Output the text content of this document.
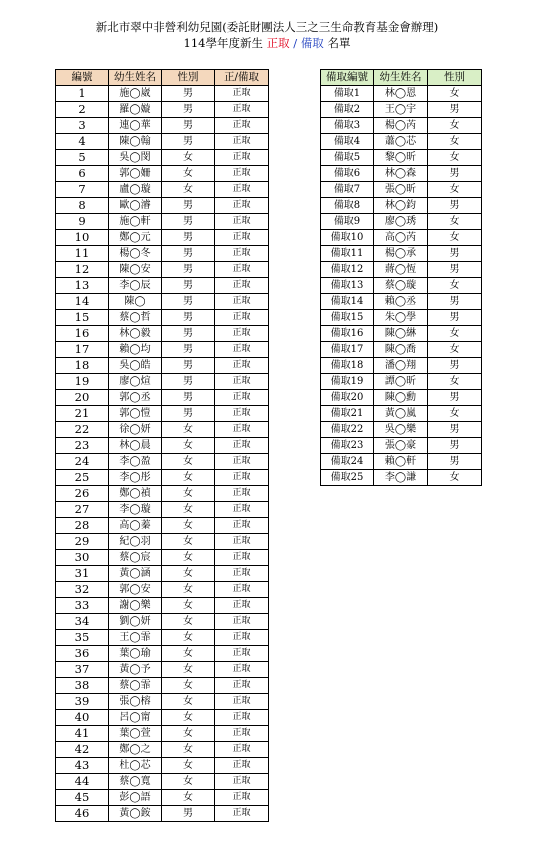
新北市翠中非營利幼兒園(委託財團法人三之三生命教育基金會辦理)
114學年度新生 正取 / 備取 名單
編號	幼生姓名	性別	正/備取
1	施◯崴	男	正取
2	羅◯嫙	男	正取
3	連◯華	男	正取
4	陳◯翰	男	正取
5	吳◯閔	女	正取
6	郭◯姍	女	正取
7	盧◯璇	女	正取
8	歐◯濬	男	正取
9	施◯軒	男	正取
10	鄭◯元	男	正取
11	楊◯冬	男	正取
12	陳◯安	男	正取
13	李◯辰	男	正取
14	陳◯	男	正取
15	蔡◯哲	男	正取
16	林◯毅	男	正取
17	賴◯均	男	正取
18	吳◯皓	男	正取
19	廖◯煊	男	正取
20	郭◯丞	男	正取
21	郭◯愷	男	正取
22	徐◯妍	女	正取
23	林◯晨	女	正取
24	李◯盈	女	正取
25	李◯彤	女	正取
26	鄭◯禎	女	正取
27	李◯璇	女	正取
28	高◯蓁	女	正取
29	紀◯羽	女	正取
30	蔡◯宸	女	正取
31	黃◯涵	女	正取
32	郭◯安	女	正取
33	謝◯樂	女	正取
34	劉◯妍	女	正取
35	王◯霏	女	正取
36	葉◯瑜	女	正取
37	黃◯予	女	正取
38	蔡◯霏	女	正取
39	張◯榕	女	正取
40	呂◯甯	女	正取
41	葉◯萱	女	正取
42	鄭◯之	女	正取
43	杜◯芯	女	正取
44	蔡◯寬	女	正取
45	彭◯語	女	正取
46	黃◯銨	男	正取
備取編號	幼生姓名	性別
備取1	林◯恩	女
備取2	王◯宇	男
備取3	楊◯芮	女
備取4	蕭◯芯	女
備取5	黎◯昕	女
備取6	林◯森	男
備取7	張◯昕	女
備取8	林◯鈞	男
備取9	廖◯琇	女
備取10	高◯芮	女
備取11	楊◯承	男
備取12	蔣◯恆	男
備取13	蔡◯璇	女
備取14	賴◯丞	男
備取15	朱◯學	男
備取16	陳◯綝	女
備取17	陳◯喬	女
備取18	潘◯翔	男
備取19	譚◯昕	女
備取20	陳◯勳	男
備取21	黃◯嵐	女
備取22	吳◯樂	男
備取23	張◯豪	男
備取24	賴◯軒	男
備取25	李◯謙	女
